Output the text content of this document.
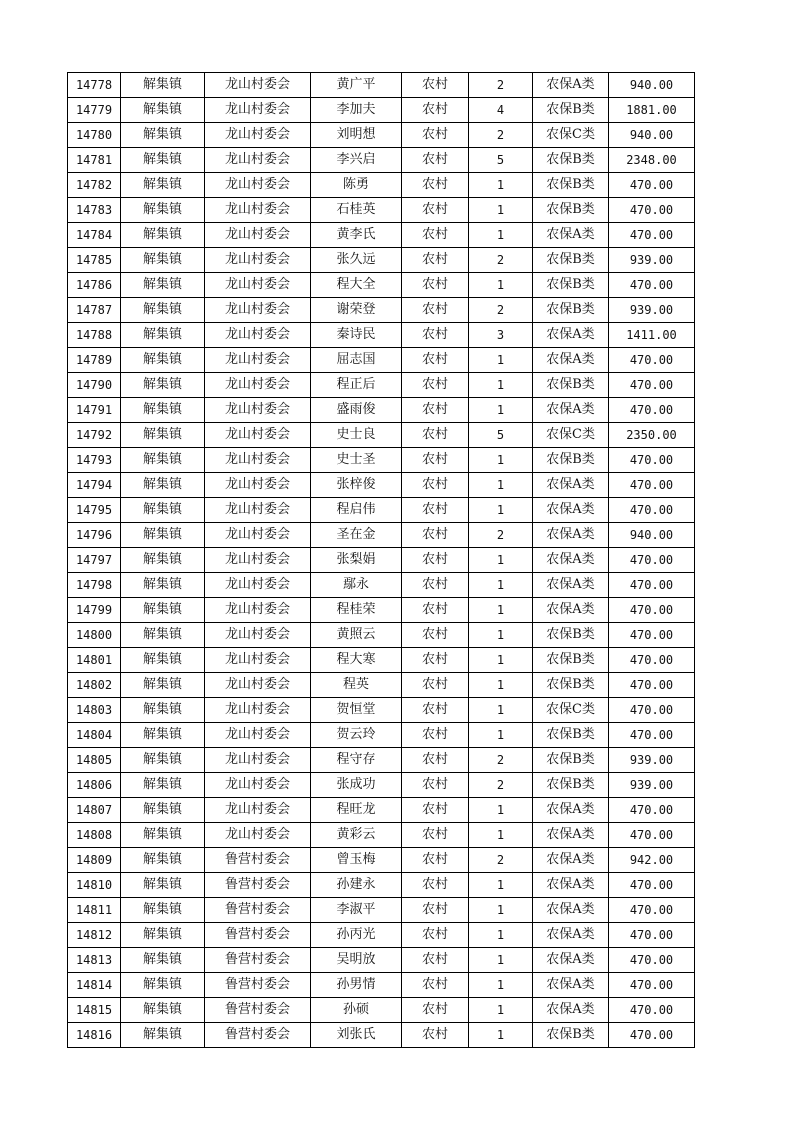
14778	解集镇	龙山村委会	黄广平	农村	2	农保A类	940.00
14779	解集镇	龙山村委会	李加夫	农村	4	农保B类	1881.00
14780	解集镇	龙山村委会	刘明想	农村	2	农保C类	940.00
14781	解集镇	龙山村委会	李兴启	农村	5	农保B类	2348.00
14782	解集镇	龙山村委会	陈勇	农村	1	农保B类	470.00
14783	解集镇	龙山村委会	石桂英	农村	1	农保B类	470.00
14784	解集镇	龙山村委会	黄李氏	农村	1	农保A类	470.00
14785	解集镇	龙山村委会	张久远	农村	2	农保B类	939.00
14786	解集镇	龙山村委会	程大全	农村	1	农保B类	470.00
14787	解集镇	龙山村委会	谢荣登	农村	2	农保B类	939.00
14788	解集镇	龙山村委会	秦诗民	农村	3	农保A类	1411.00
14789	解集镇	龙山村委会	屈志国	农村	1	农保A类	470.00
14790	解集镇	龙山村委会	程正后	农村	1	农保B类	470.00
14791	解集镇	龙山村委会	盛雨俊	农村	1	农保A类	470.00
14792	解集镇	龙山村委会	史士良	农村	5	农保C类	2350.00
14793	解集镇	龙山村委会	史士圣	农村	1	农保B类	470.00
14794	解集镇	龙山村委会	张梓俊	农村	1	农保A类	470.00
14795	解集镇	龙山村委会	程启伟	农村	1	农保A类	470.00
14796	解集镇	龙山村委会	圣在金	农村	2	农保A类	940.00
14797	解集镇	龙山村委会	张梨娟	农村	1	农保A类	470.00
14798	解集镇	龙山村委会	鄢永	农村	1	农保A类	470.00
14799	解集镇	龙山村委会	程桂荣	农村	1	农保A类	470.00
14800	解集镇	龙山村委会	黄照云	农村	1	农保B类	470.00
14801	解集镇	龙山村委会	程大寒	农村	1	农保B类	470.00
14802	解集镇	龙山村委会	程英	农村	1	农保B类	470.00
14803	解集镇	龙山村委会	贺恒堂	农村	1	农保C类	470.00
14804	解集镇	龙山村委会	贺云玲	农村	1	农保B类	470.00
14805	解集镇	龙山村委会	程守存	农村	2	农保B类	939.00
14806	解集镇	龙山村委会	张成功	农村	2	农保B类	939.00
14807	解集镇	龙山村委会	程旺龙	农村	1	农保A类	470.00
14808	解集镇	龙山村委会	黄彩云	农村	1	农保A类	470.00
14809	解集镇	鲁营村委会	曾玉梅	农村	2	农保A类	942.00
14810	解集镇	鲁营村委会	孙建永	农村	1	农保A类	470.00
14811	解集镇	鲁营村委会	李淑平	农村	1	农保A类	470.00
14812	解集镇	鲁营村委会	孙丙光	农村	1	农保A类	470.00
14813	解集镇	鲁营村委会	吴明放	农村	1	农保A类	470.00
14814	解集镇	鲁营村委会	孙男情	农村	1	农保A类	470.00
14815	解集镇	鲁营村委会	孙硕	农村	1	农保A类	470.00
14816	解集镇	鲁营村委会	刘张氏	农村	1	农保B类	470.00
